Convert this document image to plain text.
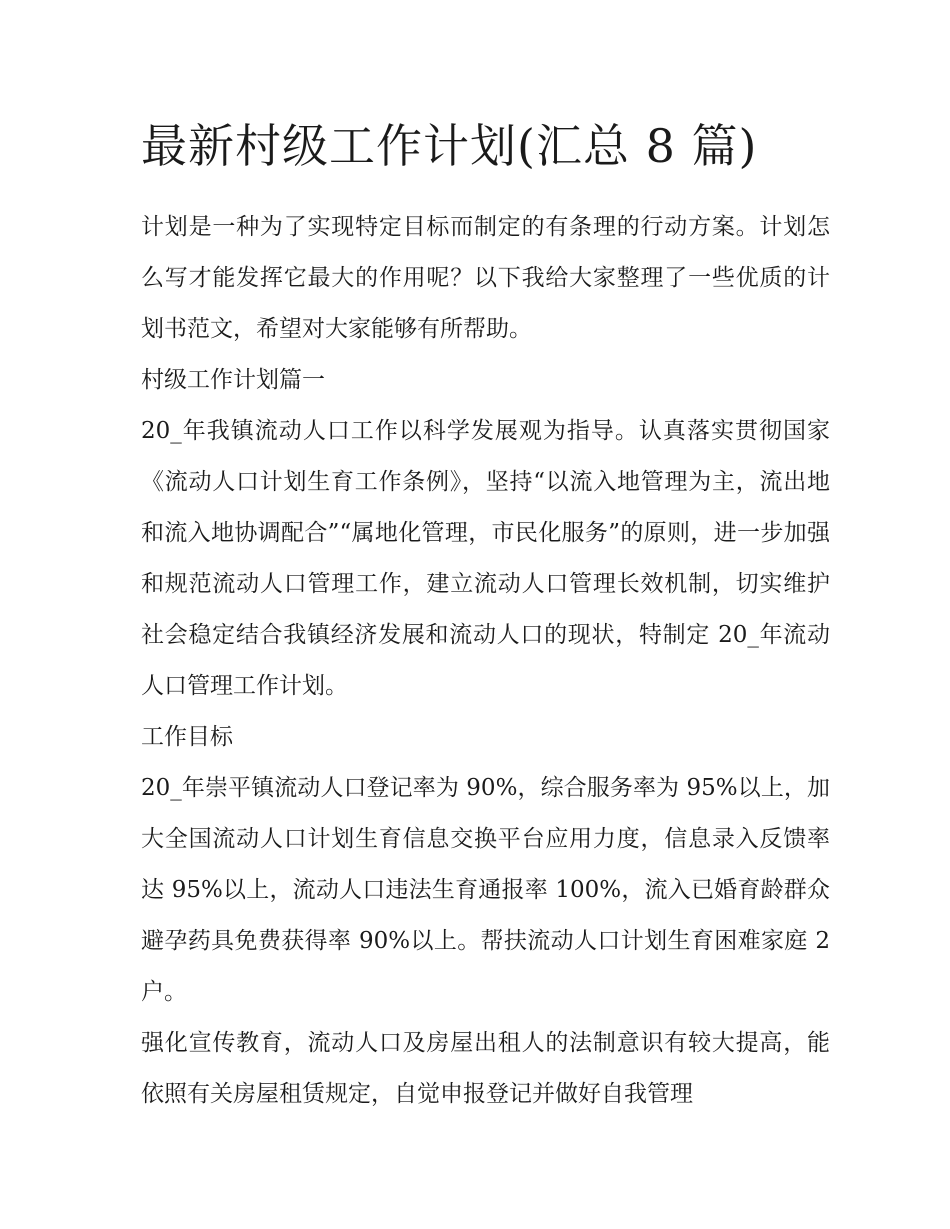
最新村级工作计划(汇总 8 篇)

计划是一种为了实现特定目标而制定的有条理的行动方案。计划怎么写才能发挥它最大的作用呢？以下我给大家整理了一些优质的计划书范文，希望对大家能够有所帮助。

村级工作计划篇一

20_年我镇流动人口工作以科学发展观为指导。认真落实贯彻国家《流动人口计划生育工作条例》，坚持“以流入地管理为主，流出地和流入地协调配合”“属地化管理，市民化服务”的原则，进一步加强和规范流动人口管理工作，建立流动人口管理长效机制，切实维护社会稳定结合我镇经济发展和流动人口的现状，特制定 20_年流动人口管理工作计划。

工作目标

20_年崇平镇流动人口登记率为 90%，综合服务率为 95%以上，加大全国流动人口计划生育信息交换平台应用力度，信息录入反馈率达 95%以上，流动人口违法生育通报率 100%，流入已婚育龄群众避孕药具免费获得率 90%以上。帮扶流动人口计划生育困难家庭 2 户。

强化宣传教育，流动人口及房屋出租人的法制意识有较大提高，能依照有关房屋租赁规定，自觉申报登记并做好自我管理
